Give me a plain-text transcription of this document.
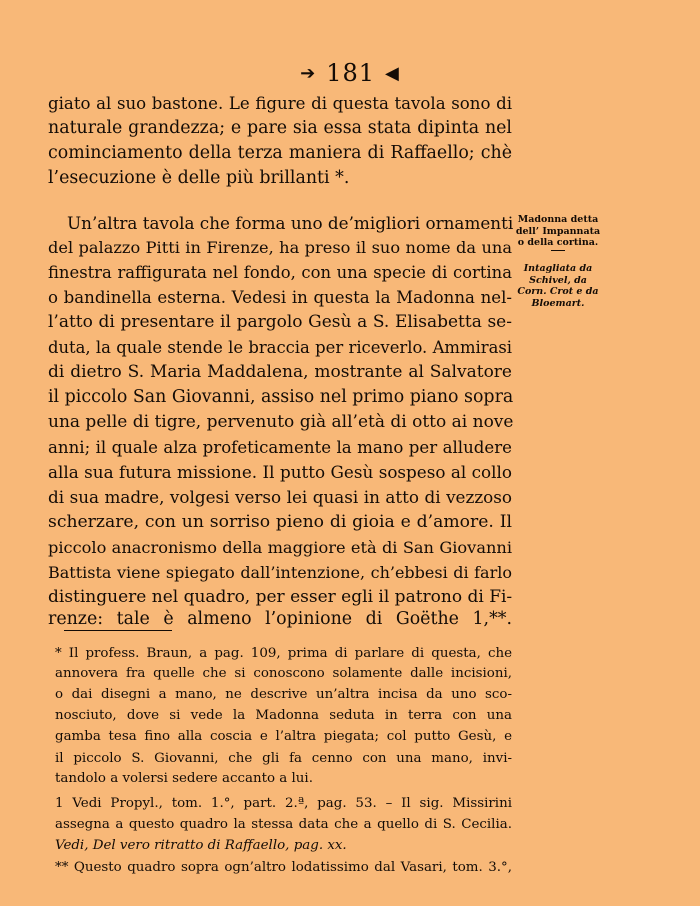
➔ 181 ◀
giato al suo bastone. Le figure di questa tavola sono di
naturale grandezza; e pare sia essa stata dipinta nel
cominciamento della terza maniera di Raffaello; chè
l’esecuzione è delle più brillanti *.
Un’altra tavola che forma uno de’migliori ornamenti
del palazzo Pitti in Firenze, ha preso il suo nome da una
finestra raffigurata nel fondo, con una specie di cortina
o bandinella esterna. Vedesi in questa la Madonna nel-
l’atto di presentare il pargolo Gesù a S. Elisabetta se-
duta, la quale stende le braccia per riceverlo. Ammirasi
di dietro S. Maria Maddalena, mostrante al Salvatore
il piccolo San Giovanni, assiso nel primo piano sopra
una pelle di tigre, pervenuto già all’età di otto ai nove
anni; il quale alza profeticamente la mano per alludere
alla sua futura missione. Il putto Gesù sospeso al collo
di sua madre, volgesi verso lei quasi in atto di vezzoso
scherzare, con un sorriso pieno di gioia e d’amore. Il
piccolo anacronismo della maggiore età di San Giovanni
Battista viene spiegato dall’intenzione, ch’ebbesi di farlo
distinguere nel quadro, per esser egli il patrono di Fi-
renze: tale è almeno l’opinione di Goëthe 1,**.
Madonna detta
dell’ Impannata
o della cortina.
Intagliata da
Schivel, da
Corn. Crot e da
Bloemart.
* Il profess. Braun, a pag. 109, prima di parlare di questa, che
annovera fra quelle che si conoscono solamente dalle incisioni,
o dai disegni a mano, ne descrive un’altra incisa da uno sco-
nosciuto, dove si vede la Madonna seduta in terra con una
gamba tesa fino alla coscia e l’altra piegata; col putto Gesù, e
il piccolo S. Giovanni, che gli fa cenno con una mano, invi-
tandolo a volersi sedere accanto a lui.
1 Vedi Propyl., tom. 1.°, part. 2.ª, pag. 53. – Il sig. Missirini
assegna a questo quadro la stessa data che a quello di S. Cecilia.
Vedi, Del vero ritratto di Raffaello, pag. xx.
** Questo quadro sopra ogn’altro lodatissimo dal Vasari, tom. 3.°,
